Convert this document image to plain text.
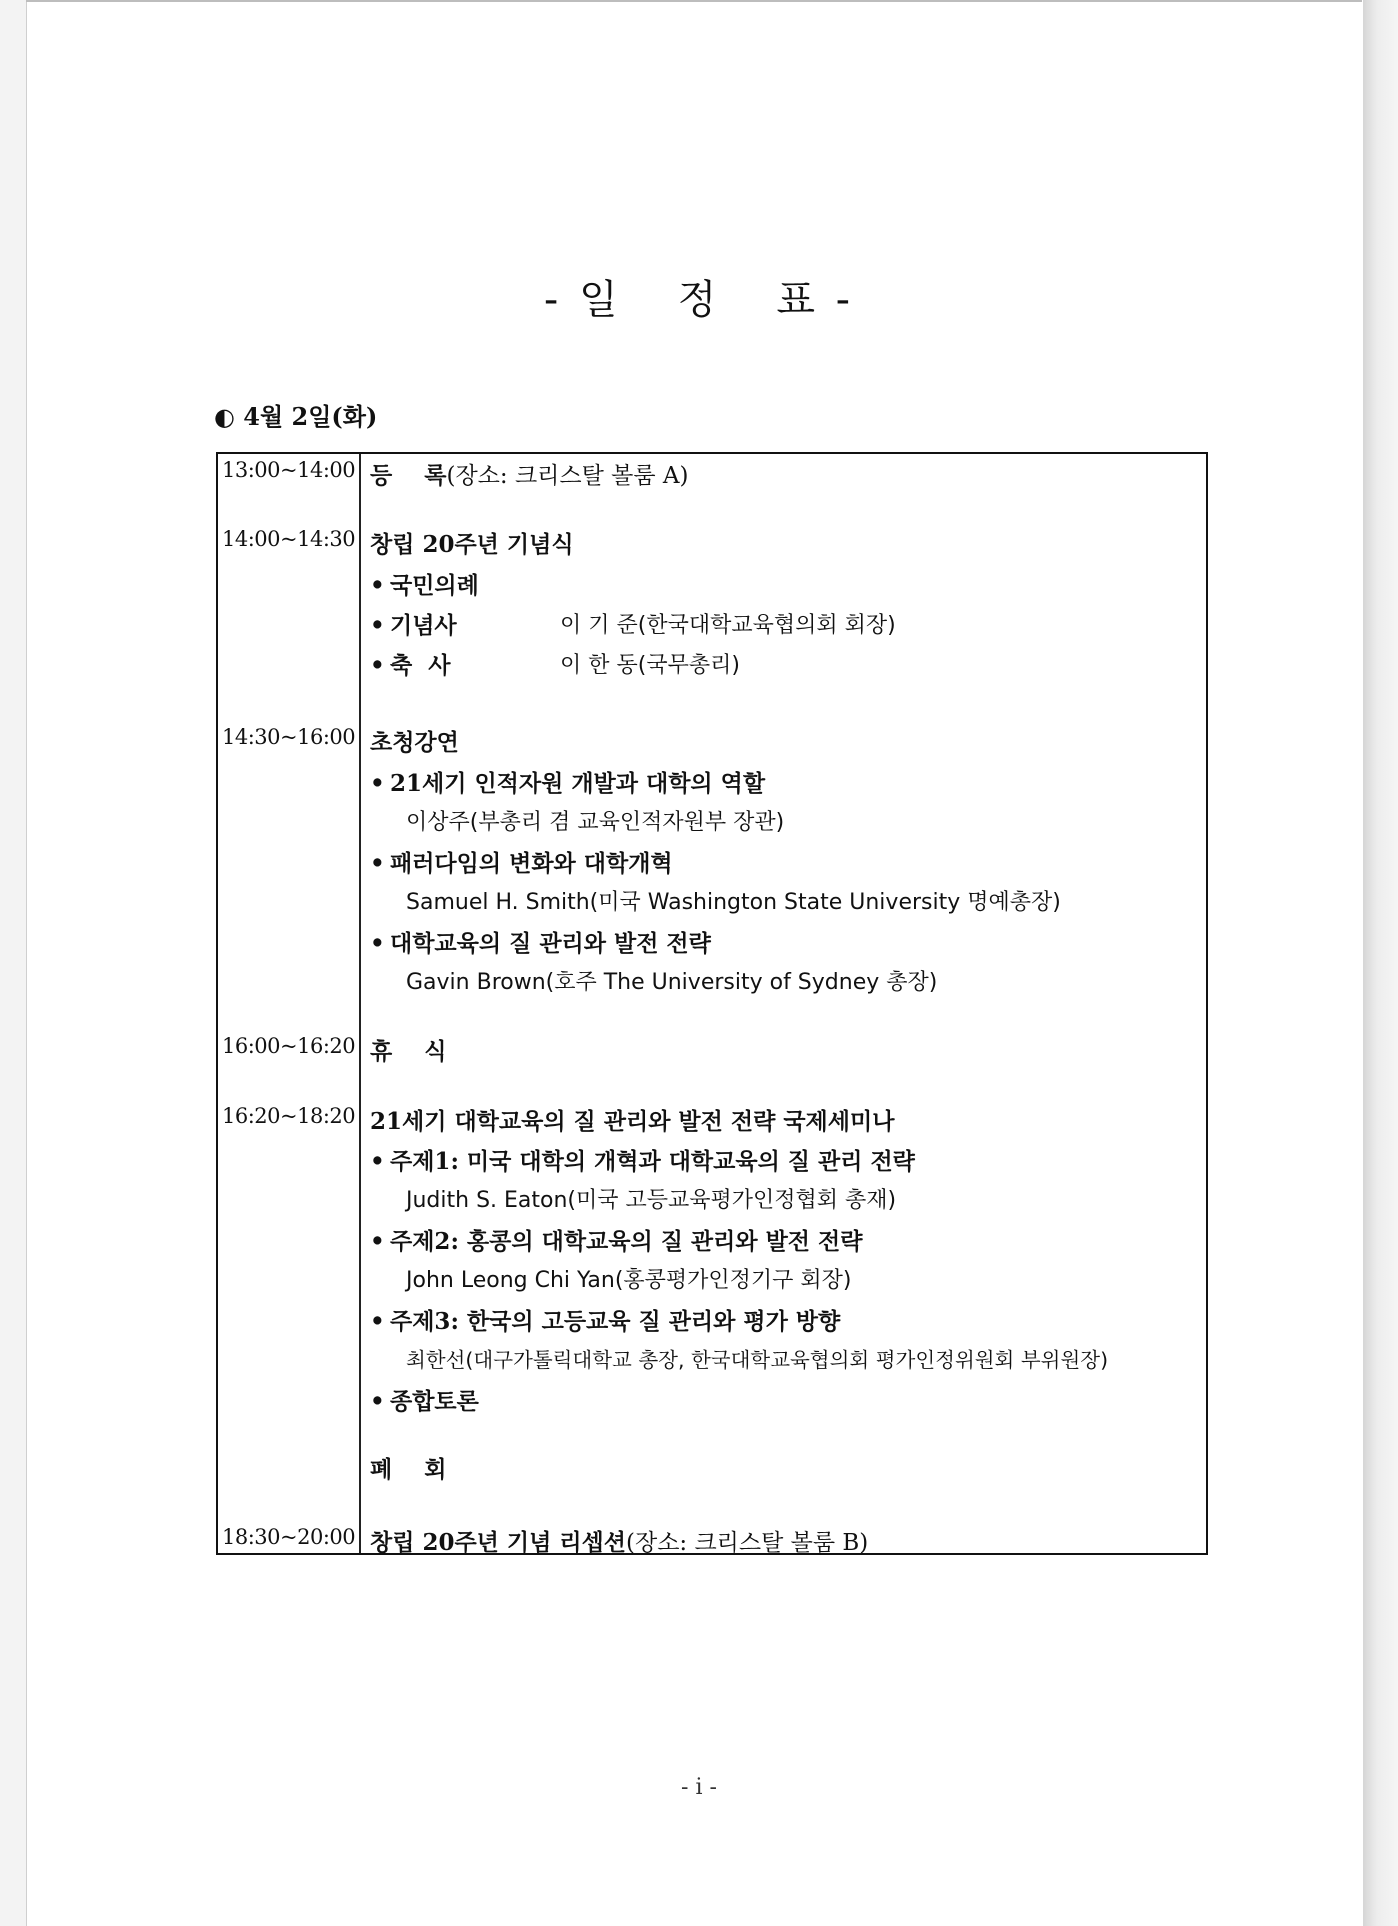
- 일 정 표 -
◐ 4월 2일(화)
13:00~14:00 등    록(장소: 크리스탈 볼룸 A)
14:00~14:30 창립 20주년 기념식
• 국민의례
• 기념사	이 기 준(한국대학교육협의회 회장)
• 축  사	이 한 동(국무총리)
14:30~16:00 초청강연
• 21세기 인적자원 개발과 대학의 역할
이상주(부총리 겸 교육인적자원부 장관)
• 패러다임의 변화와 대학개혁
Samuel H. Smith(미국 Washington State University 명예총장)
• 대학교육의 질 관리와 발전 전략
Gavin Brown(호주 The University of Sydney 총장)
16:00~16:20 휴    식
16:20~18:20 21세기 대학교육의 질 관리와 발전 전략 국제세미나
• 주제1: 미국 대학의 개혁과 대학교육의 질 관리 전략
Judith S. Eaton(미국 고등교육평가인정협회 총재)
• 주제2: 홍콩의 대학교육의 질 관리와 발전 전략
John Leong Chi Yan(홍콩평가인정기구 회장)
• 주제3: 한국의 고등교육 질 관리와 평가 방향
최한선(대구가톨릭대학교 총장, 한국대학교육협의회 평가인정위원회 부위원장)
• 종합토론
폐    회
18:30~20:00 창립 20주년 기념 리셉션(장소: 크리스탈 볼룸 B)
- i -
